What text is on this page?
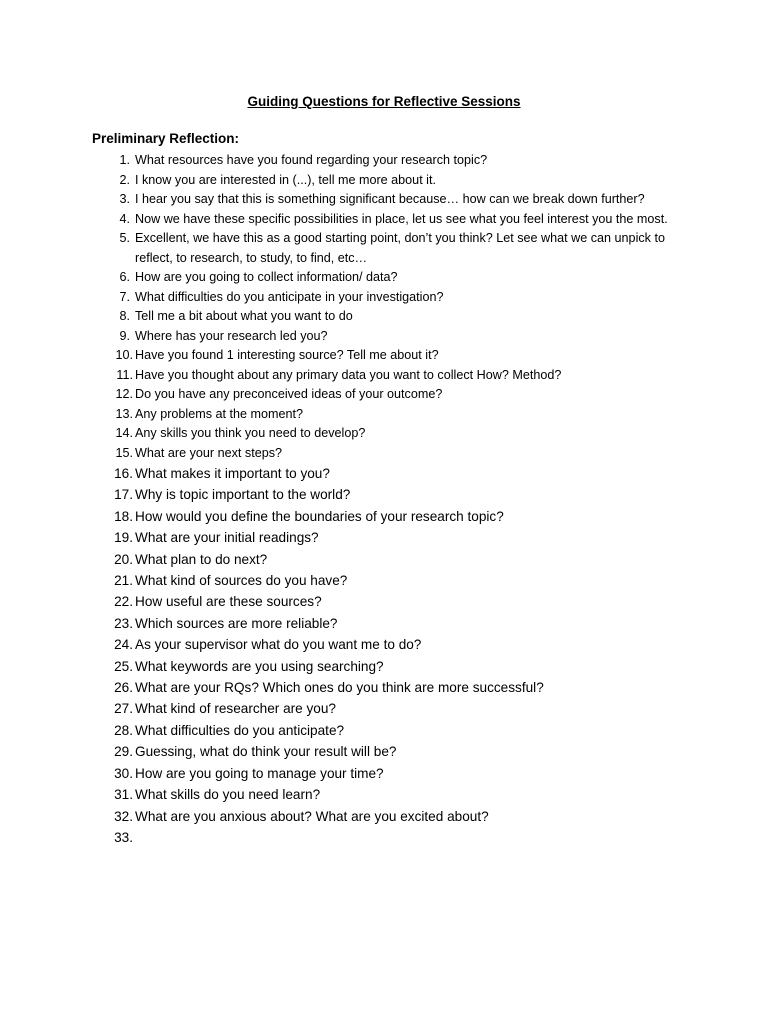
Guiding Questions for Reflective Sessions
Preliminary Reflection:
1. What resources have you found regarding your research topic?
2. I know you are interested in (...), tell me more about it.
3. I hear you say that this is something significant because… how can we break down further?
4. Now we have these specific possibilities in place, let us see what you feel interest you the most.
5. Excellent, we have this as a good starting point, don’t you think? Let see what we can unpick to reflect, to research, to study, to find, etc…
6. How are you going to collect information/ data?
7. What difficulties do you anticipate in your investigation?
8. Tell me a bit about what you want to do
9. Where has your research led you?
10. Have you found 1 interesting source? Tell me about it?
11. Have you thought about any primary data you want to collect How? Method?
12. Do you have any preconceived ideas of your outcome?
13. Any problems at the moment?
14. Any skills you think you need to develop?
15. What are your next steps?
16. What makes it important to you?
17. Why is topic important to the world?
18. How would you define the boundaries of your research topic?
19. What are your initial readings?
20. What plan to do next?
21. What kind of sources do you have?
22. How useful are these sources?
23. Which sources are more reliable?
24. As your supervisor what do you want me to do?
25. What keywords are you using searching?
26. What are your RQs? Which ones do you think are more successful?
27. What kind of researcher are you?
28. What difficulties do you anticipate?
29. Guessing, what do think your result will be?
30. How are you going to manage your time?
31. What skills do you need learn?
32. What are you anxious about? What are you excited about?
33.
